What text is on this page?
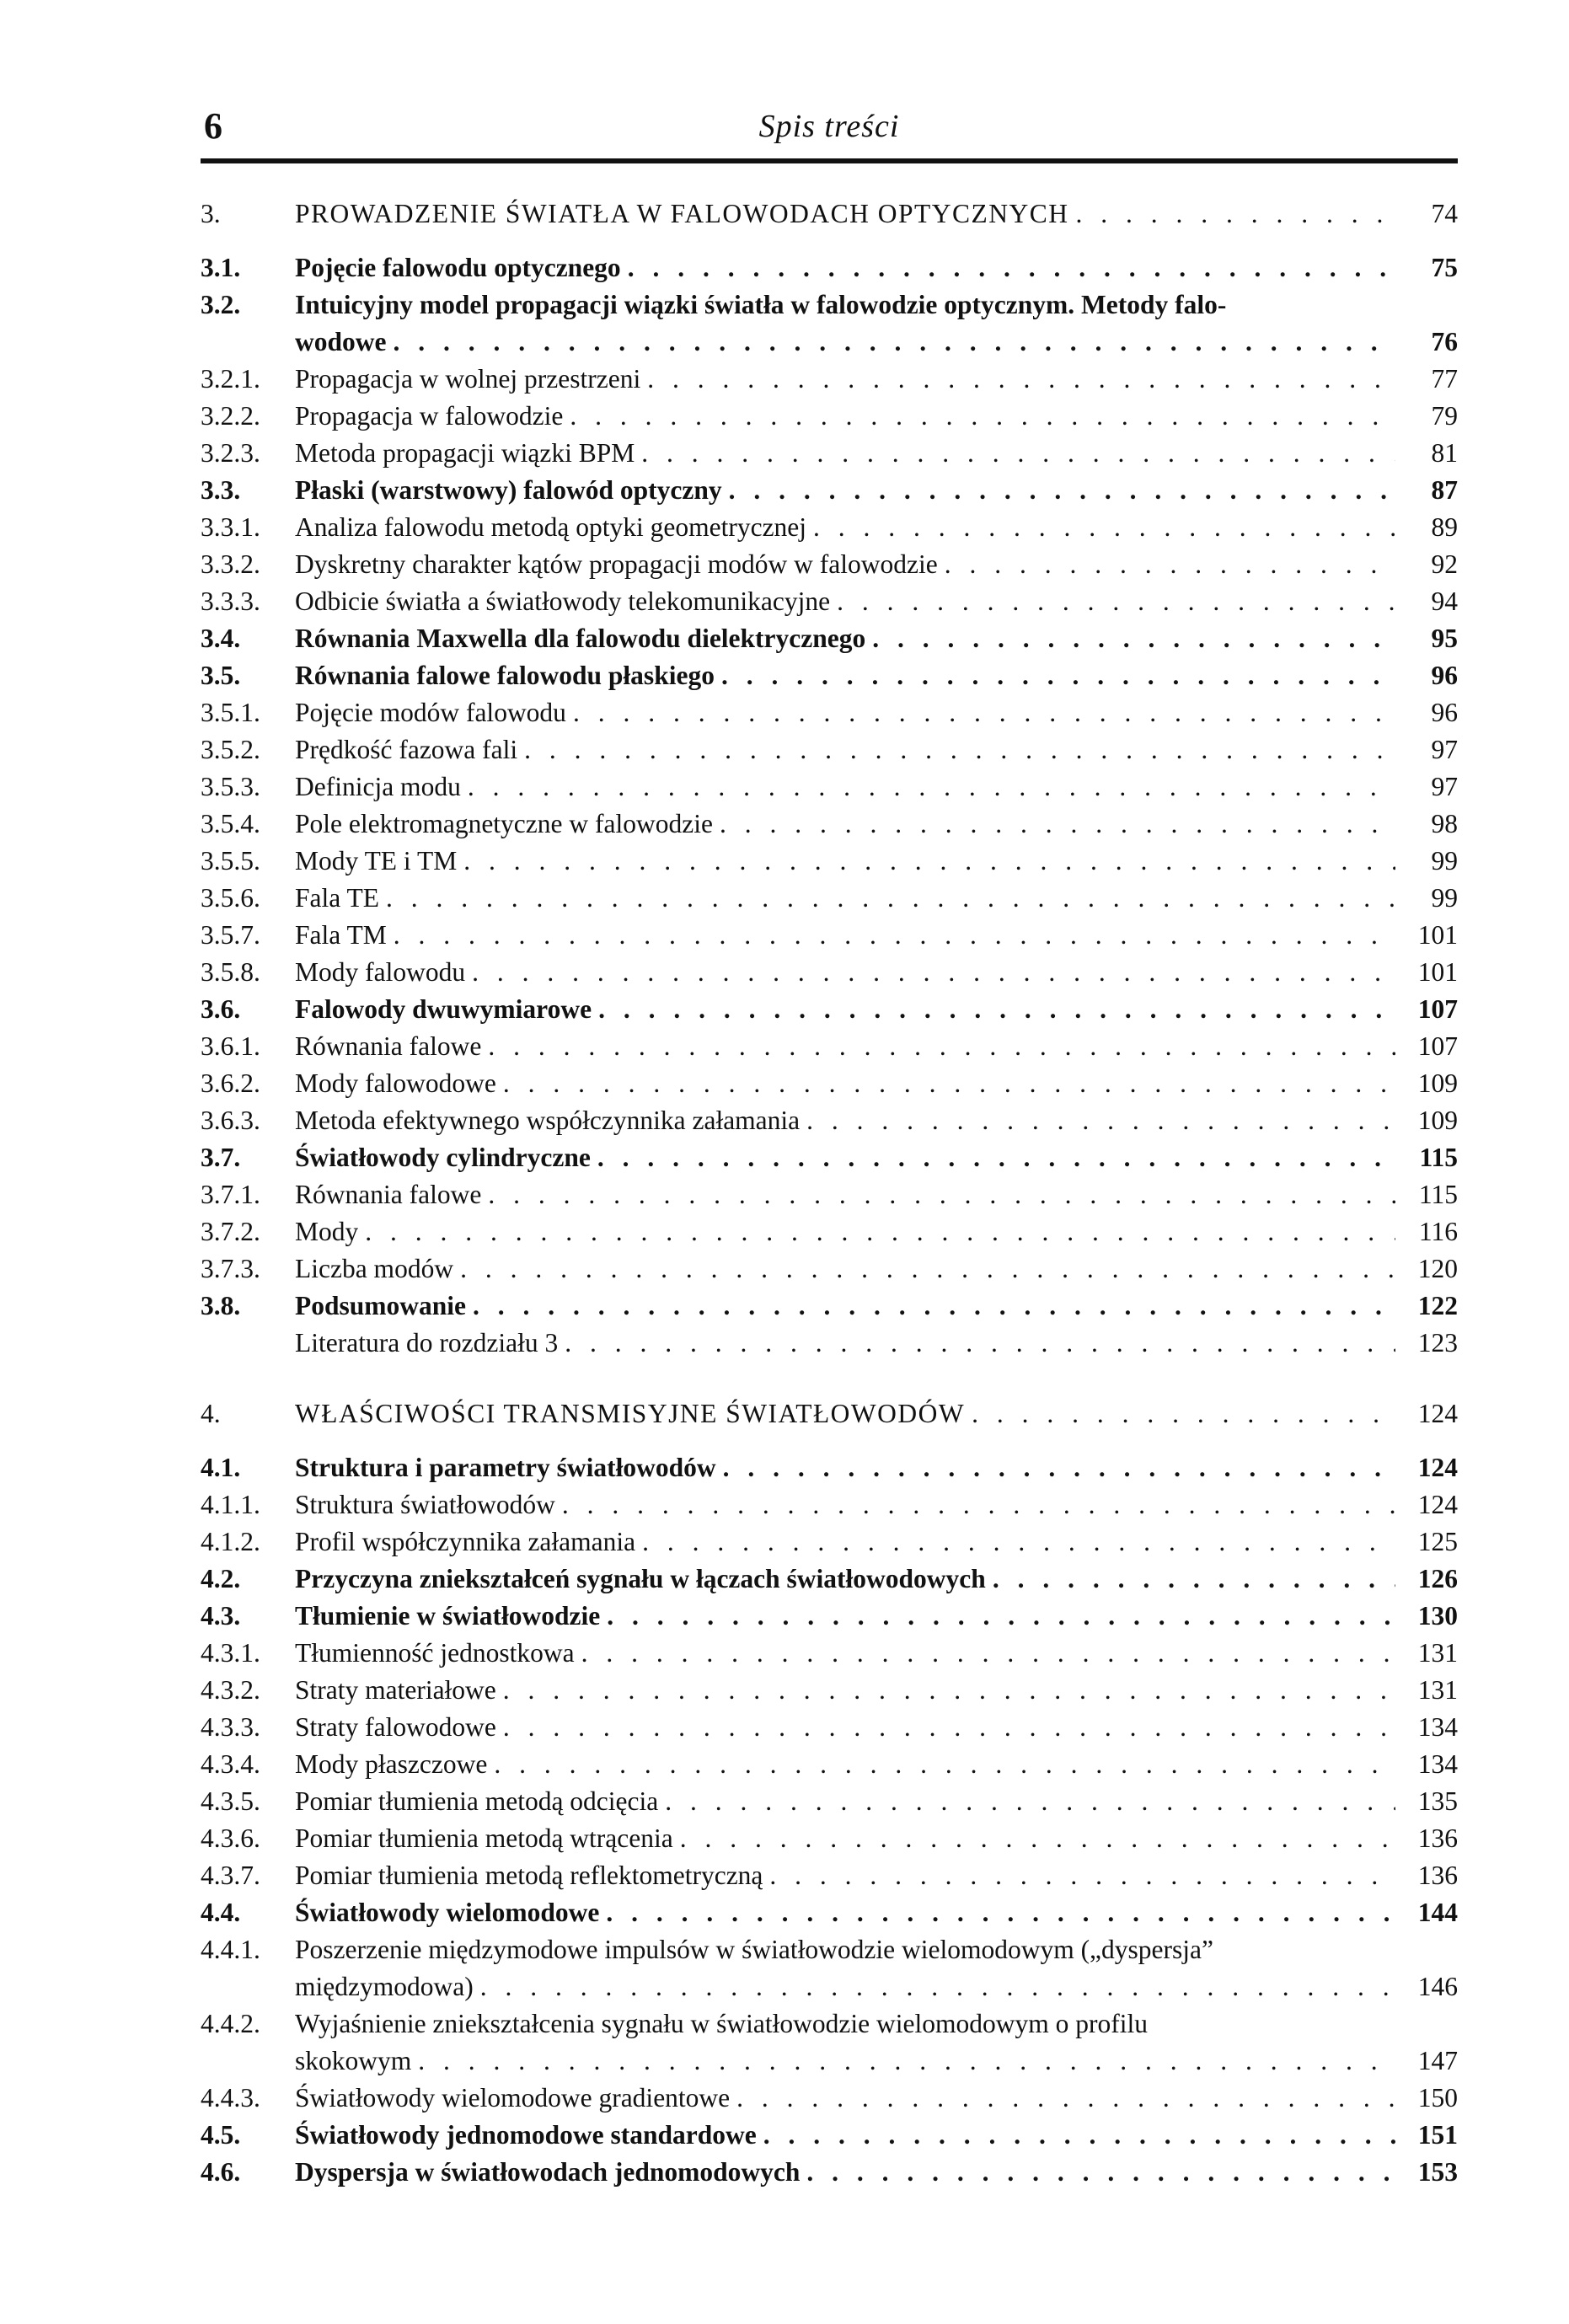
6	Spis treści
3.	PROWADZENIE ŚWIATŁA W FALOWODACH OPTYCZNYCH . . .	74
3.1.	Pojęcie falowodu optycznego . . .	75
3.2.	Intuicyjny model propagacji wiązki światła w falowodzie optycznym. Metody falo-
wodowe . . .	76
3.2.1.	Propagacja w wolnej przestrzeni . . .	77
3.2.2.	Propagacja w falowodzie . . .	79
3.2.3.	Metoda propagacji wiązki BPM . . .	81
3.3.	Płaski (warstwowy) falowód optyczny . . .	87
3.3.1.	Analiza falowodu metodą optyki geometrycznej . . .	89
3.3.2.	Dyskretny charakter kątów propagacji modów w falowodzie . . .	92
3.3.3.	Odbicie światła a światłowody telekomunikacyjne . . .	94
3.4.	Równania Maxwella dla falowodu dielektrycznego . . .	95
3.5.	Równania falowe falowodu płaskiego . . .	96
3.5.1.	Pojęcie modów falowodu . . .	96
3.5.2.	Prędkość fazowa fali . . .	97
3.5.3.	Definicja modu . . .	97
3.5.4.	Pole elektromagnetyczne w falowodzie . . .	98
3.5.5.	Mody TE i TM . . .	99
3.5.6.	Fala TE . . .	99
3.5.7.	Fala TM . . .	101
3.5.8.	Mody falowodu . . .	101
3.6.	Falowody dwuwymiarowe . . .	107
3.6.1.	Równania falowe . . .	107
3.6.2.	Mody falowodowe . . .	109
3.6.3.	Metoda efektywnego współczynnika załamania . . .	109
3.7.	Światłowody cylindryczne . . .	115
3.7.1.	Równania falowe . . .	115
3.7.2.	Mody . . .	116
3.7.3.	Liczba modów . . .	120
3.8.	Podsumowanie . . .	122
Literatura do rozdziału 3 . . .	123
4.	WŁAŚCIWOŚCI TRANSMISYJNE ŚWIATŁOWODÓW . . .	124
4.1.	Struktura i parametry światłowodów . . .	124
4.1.1.	Struktura światłowodów . . .	124
4.1.2.	Profil współczynnika załamania . . .	125
4.2.	Przyczyna zniekształceń sygnału w łączach światłowodowych . . .	126
4.3.	Tłumienie w światłowodzie . . .	130
4.3.1.	Tłumienność jednostkowa . . .	131
4.3.2.	Straty materiałowe . . .	131
4.3.3.	Straty falowodowe . . .	134
4.3.4.	Mody płaszczowe . . .	134
4.3.5.	Pomiar tłumienia metodą odcięcia . . .	135
4.3.6.	Pomiar tłumienia metodą wtrącenia . . .	136
4.3.7.	Pomiar tłumienia metodą reflektometryczną . . .	136
4.4.	Światłowody wielomodowe . . .	144
4.4.1.	Poszerzenie międzymodowe impulsów w światłowodzie wielomodowym („dyspersja”
międzymodowa) . . .	146
4.4.2.	Wyjaśnienie zniekształcenia sygnału w światłowodzie wielomodowym o profilu
skokowym . . .	147
4.4.3.	Światłowody wielomodowe gradientowe . . .	150
4.5.	Światłowody jednomodowe standardowe . . .	151
4.6.	Dyspersja w światłowodach jednomodowych . . .	153
